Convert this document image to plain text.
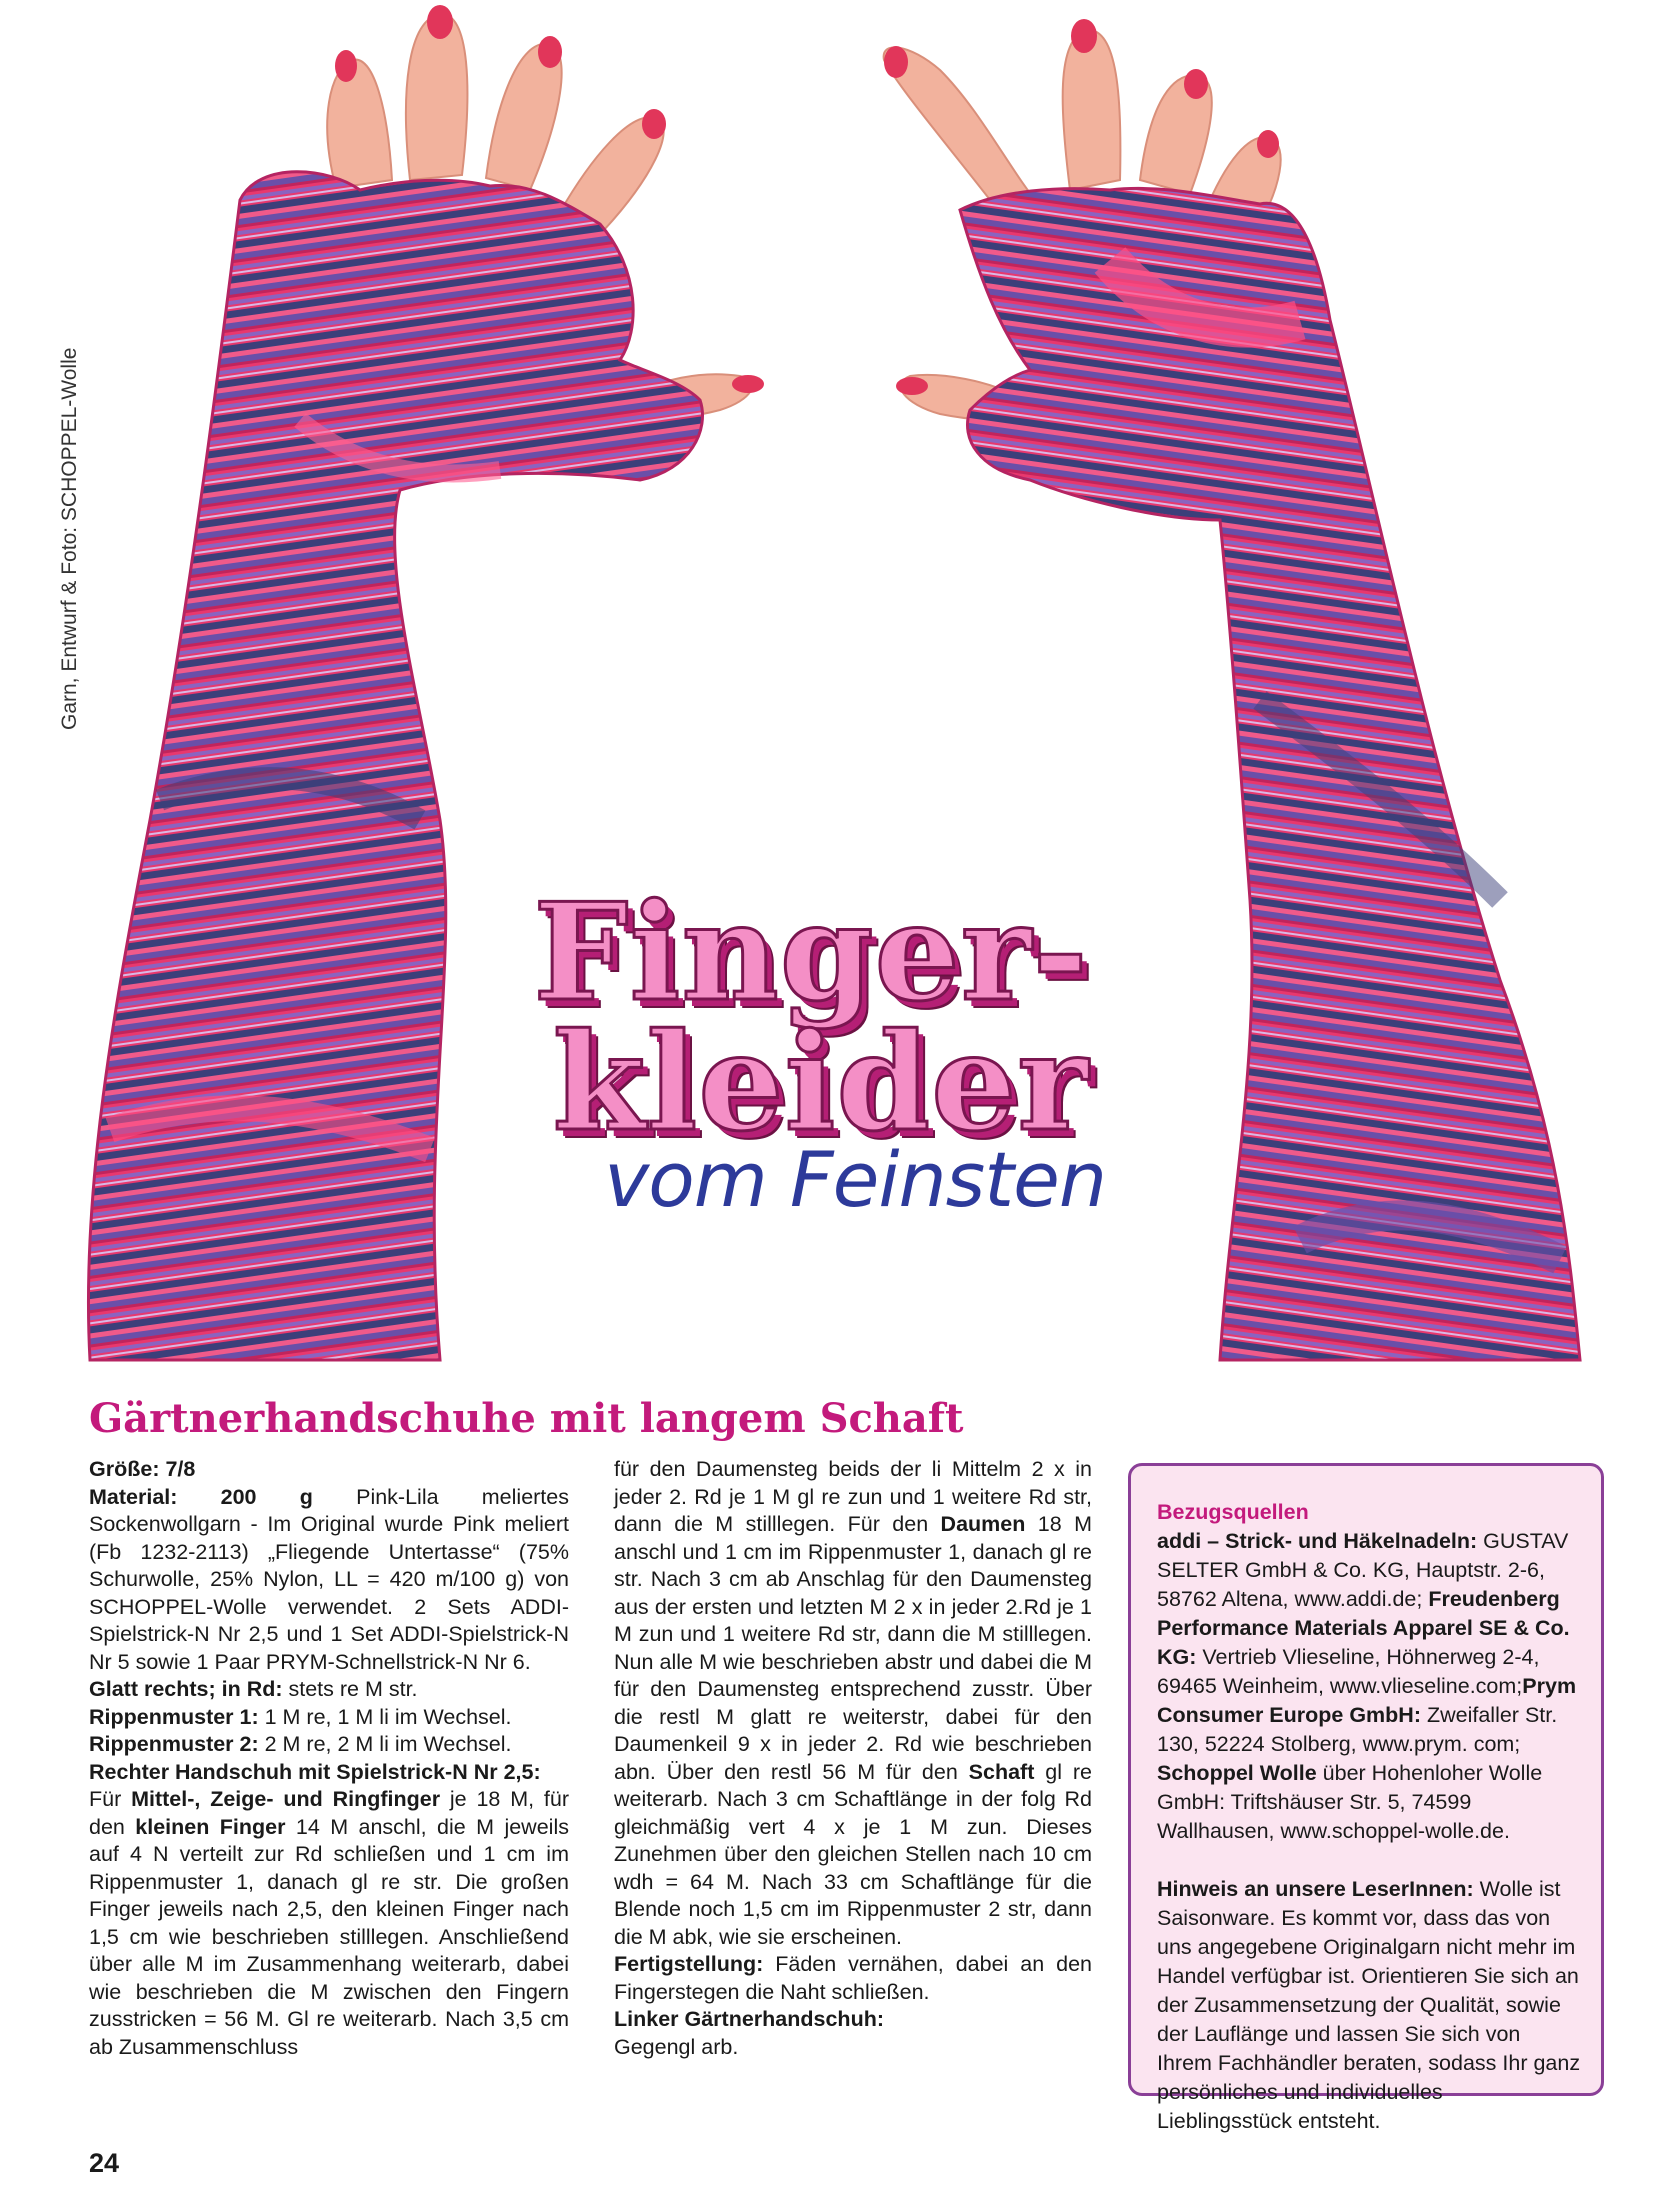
Garn, Entwurf & Foto: SCHOPPEL-Wolle
Finger-
kleider
vom Feinsten
Gärtnerhandschuhe mit langem Schaft

Größe: 7/8

Material: 200 g Pink-Lila meliertes Sockenwollgarn - Im Original wurde Pink meliert (Fb 1232-2113) „Fliegende Untertasse“ (75% Schurwolle, 25% Nylon, LL = 420 m/100 g) von SCHOPPEL-Wolle verwendet. 2 Sets ADDI-Spielstrick-N Nr 2,5 und 1 Set ADDI-Spielstrick-N Nr 5 sowie 1 Paar PRYM-Schnellstrick-N Nr 6.

Glatt rechts; in Rd: stets re M str.

Rippenmuster 1: 1 M re, 1 M li im Wechsel.

Rippenmuster 2: 2 M re, 2 M li im Wechsel.

Rechter Handschuh mit Spielstrick-N Nr 2,5:

Für Mittel-, Zeige- und Ringfinger je 18 M, für den kleinen Finger 14 M anschl, die M jeweils auf 4 N verteilt zur Rd schließen und 1 cm im Rippenmuster 1, danach gl re str. Die großen Finger jeweils nach 2,5, den kleinen Finger nach 1,5 cm wie beschrieben stilllegen. Anschließend über alle M im Zusammenhang weiterarb, dabei wie beschrieben die M zwischen den Fingern zusstricken = 56 M. Gl re weiterarb. Nach 3,5 cm ab Zusammenschluss

für den Daumensteg beids der li Mittelm 2 x in jeder 2. Rd je 1 M gl re zun und 1 weitere Rd str, dann die M stilllegen. Für den Daumen 18 M anschl und 1 cm im Rippenmuster 1, danach gl re str. Nach 3 cm ab Anschlag für den Daumensteg aus der ersten und letzten M 2 x in jeder 2.Rd je 1 M zun und 1 weitere Rd str, dann die M stilllegen. Nun alle M wie beschrieben abstr und dabei die M für den Daumensteg entsprechend zusstr. Über die restl M glatt re weiterstr, dabei für den Daumenkeil 9 x in jeder 2. Rd wie beschrieben abn. Über den restl 56 M für den Schaft gl re weiterarb. Nach 3 cm Schaftlänge in der folg Rd gleichmäßig vert 4 x je 1 M zun. Dieses Zunehmen über den gleichen Stellen nach 10 cm wdh = 64 M. Nach 33 cm Schaftlänge für die Blende noch 1,5 cm im Rippenmuster 2 str, dann die M abk, wie sie erscheinen.

Fertigstellung: Fäden vernähen, dabei an den Fingerstegen die Naht schließen.

Linker Gärtnerhandschuh:

Gegengl arb.

Bezugsquellen

addi – Strick- und Häkelnadeln: GUSTAV SELTER GmbH & Co. KG, Hauptstr. 2-6, 58762 Altena, www.addi.de; Freudenberg Performance Materials Apparel SE & Co. KG: Vertrieb Vlieseline, Höhnerweg 2-4, 69465 Weinheim, www.vlieseline.com;Prym Consumer Europe GmbH: Zweifaller Str. 130, 52224 Stolberg, www.prym. com; Schoppel Wolle über Hohenloher Wolle GmbH: Triftshäuser Str. 5, 74599 Wallhausen, www.schoppel-wolle.de.

Hinweis an unsere LeserInnen: Wolle ist Saisonware. Es kommt vor, dass das von uns angegebene Originalgarn nicht mehr im Handel verfügbar ist. Orientieren Sie sich an der Zusammensetzung der Qualität, sowie der Lauflänge und lassen Sie sich von Ihrem Fachhändler beraten, sodass Ihr ganz persönliches und individuelles Lieblingsstück entsteht.

24
